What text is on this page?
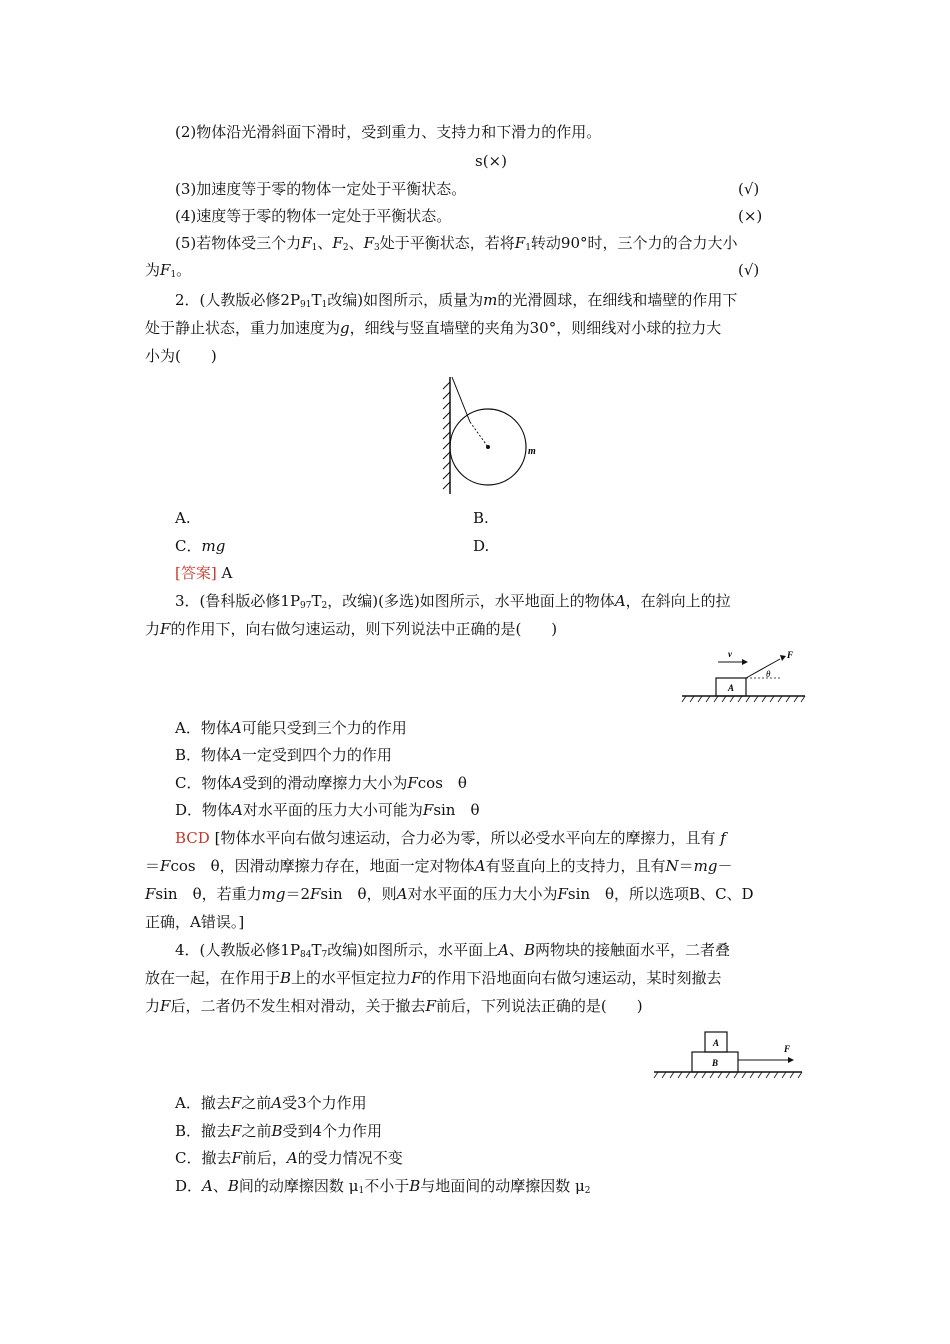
(2)物体沿光滑斜面下滑时，受到重力、支持力和下滑力的作用。
s(×)
(3)加速度等于零的物体一定处于平衡状态。	(√)
(4)速度等于零的物体一定处于平衡状态。	(×)
(5)若物体受三个力$F_1$、$F_2$、$F_3$处于平衡状态，若将$F_1$转动90°时，三个力的合力大小
为$F_1$。	(√)
2．(人教版必修$2P_{91}T_1$改编)如图所示，质量为m的光滑圆球，在细线和墙壁的作用下
处于静止状态，重力加速度为g，细线与竖直墙壁的夹角为30°，则细线对小球的拉力大
小为(　　)
m
A.	B.
C．mg	D.
[答案] A
3．(鲁科版必修$1P_{97}T_2$，改编)(多选)如图所示，水平地面上的物体A，在斜向上的拉
力F的作用下，向右做匀速运动，则下列说法中正确的是(　　)
A
v	F
θ
A．物体A可能只受到三个力的作用
B．物体A一定受到四个力的作用
C．物体A受到的滑动摩擦力大小为Fcos　θ
D．物体A对水平面的压力大小可能为Fsin　θ
BCD [物体水平向右做匀速运动，合力必为零，所以必受水平向左的摩擦力，且有 f
＝Fcos　θ，因滑动摩擦力存在，地面一定对物体A有竖直向上的支持力，且有N＝mg－
Fsin　θ，若重力mg＝2Fsin　θ，则A对水平面的压力大小为Fsin　θ，所以选项B、C、D
正确，A错误。]
4．(人教版必修$1P_{84}T_7$改编)如图所示，水平面上A、B两物块的接触面水平，二者叠
放在一起，在作用于B上的水平恒定拉力F的作用下沿地面向右做匀速运动，某时刻撤去
力F后，二者仍不发生相对滑动，关于撤去F前后，下列说法正确的是(　　)
A
B
F
A．撤去F之前A受3个力作用
B．撤去F之前B受到4个力作用
C．撤去F前后，A的受力情况不变
D．A、B间的动摩擦因数 $\mu_1$不小于B与地面间的动摩擦因数 $\mu_2$
